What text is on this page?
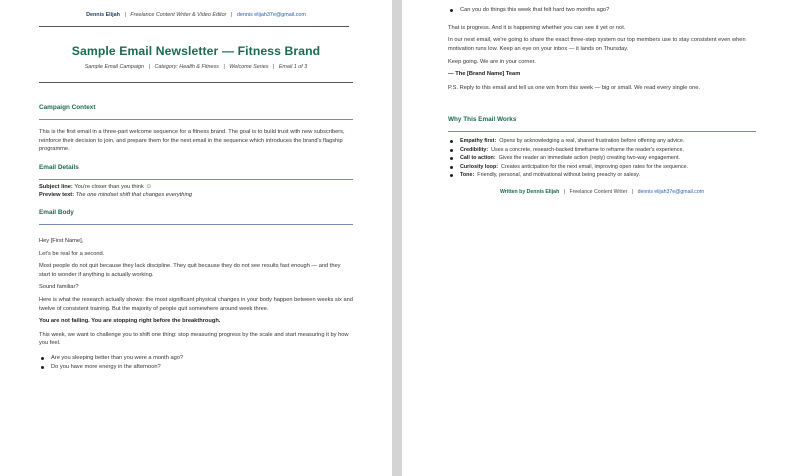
Dennis Elijah | Freelance Content Writer & Video Editor | dennis elijah37e@gmail.com
Sample Email Newsletter — Fitness Brand
Sample Email Campaign | Category: Health & Fitness | Welcome Series | Email 1 of 3
Campaign Context

This is the first email in a three-part welcome sequence for a fitness brand. The goal is to build trust with new subscribers, reinforce their decision to join, and prepare them for the next email in the sequence which introduces the brand's flagship programme.

Email Details

Subject line: You're closer than you think ☺

Preview text: The one mindset shift that changes everything

Email Body

Hey [First Name],

Let's be real for a second.

Most people do not quit because they lack discipline. They quit because they do not see results fast enough — and they start to wonder if anything is actually working.

Sound familiar?

Here is what the research actually shows: the most significant physical changes in your body happen between weeks six and twelve of consistent training. But the majority of people quit somewhere around week three.

You are not failing. You are stopping right before the breakthrough.

This week, we want to challenge you to shift one thing: stop measuring progress by the scale and start measuring it by how you feel.

Are you sleeping better than you were a month ago?
Do you have more energy in the afternoon?
Can you do things this week that felt hard two months ago?

That is progress. And it is happening whether you can see it yet or not.

In our next email, we're going to share the exact three-step system our top members use to stay consistent even when motivation runs low. Keep an eye on your inbox — it lands on Thursday.

Keep going. We are in your corner.

— The [Brand Name] Team

P.S. Reply to this email and tell us one win from this week — big or small. We read every single one.

Why This Email Works
Empathy first: Opens by acknowledging a real, shared frustration before offering any advice.
Credibility: Uses a concrete, research-backed timeframe to reframe the reader's experience.
Call to action: Gives the reader an immediate action (reply) creating two-way engagement.
Curiosity loop: Creates anticipation for the next email, improving open rates for the sequence.
Tone: Friendly, personal, and motivational without being preachy or salesy.
Written by Dennis Elijah | Freelance Content Writer | dennis elijah37e@gmail.com
